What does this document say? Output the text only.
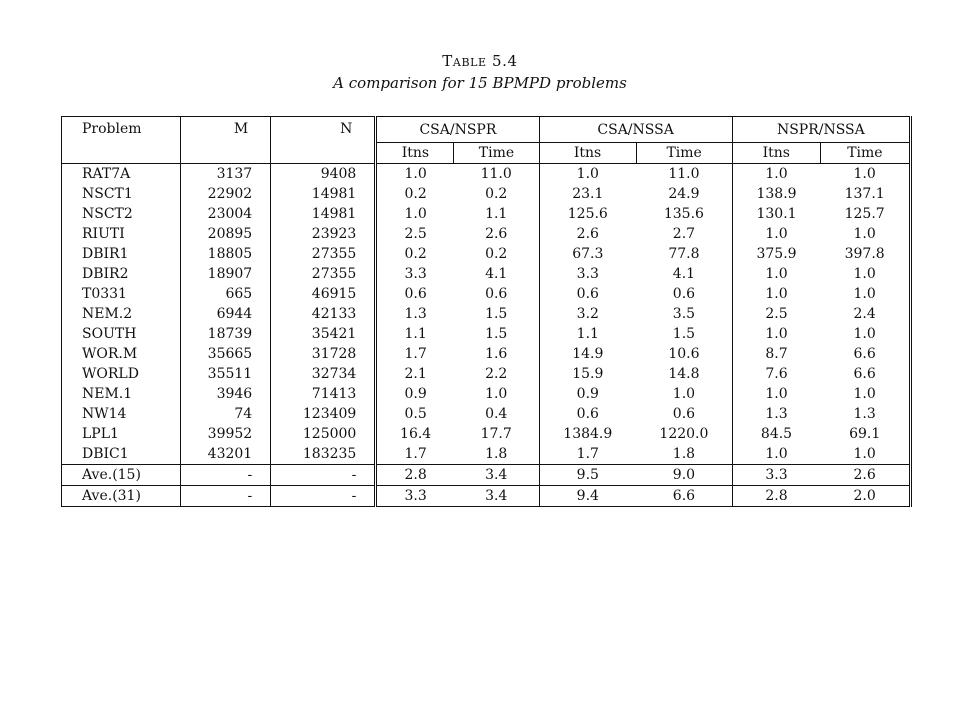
Table 5.4
A comparison for 15 BPMPD problems
Problem	M	N	CSA/NSPR		CSA/NSSA		NSPR/NSSA	
			Itns	Time	Itns	Time	Itns	Time
RAT7A	3137	9408	1.0	11.0	1.0	11.0	1.0	1.0
NSCT1	22902	14981	0.2	0.2	23.1	24.9	138.9	137.1
NSCT2	23004	14981	1.0	1.1	125.6	135.6	130.1	125.7
RIUTI	20895	23923	2.5	2.6	2.6	2.7	1.0	1.0
DBIR1	18805	27355	0.2	0.2	67.3	77.8	375.9	397.8
DBIR2	18907	27355	3.3	4.1	3.3	4.1	1.0	1.0
T0331	665	46915	0.6	0.6	0.6	0.6	1.0	1.0
NEM.2	6944	42133	1.3	1.5	3.2	3.5	2.5	2.4
SOUTH	18739	35421	1.1	1.5	1.1	1.5	1.0	1.0
WOR.M	35665	31728	1.7	1.6	14.9	10.6	8.7	6.6
WORLD	35511	32734	2.1	2.2	15.9	14.8	7.6	6.6
NEM.1	3946	71413	0.9	1.0	0.9	1.0	1.0	1.0
NW14	74	123409	0.5	0.4	0.6	0.6	1.3	1.3
LPL1	39952	125000	16.4	17.7	1384.9	1220.0	84.5	69.1
DBIC1	43201	183235	1.7	1.8	1.7	1.8	1.0	1.0
Ave.(15)	-	-	2.8	3.4	9.5	9.0	3.3	2.6
Ave.(31)	-	-	3.3	3.4	9.4	6.6	2.8	2.0
